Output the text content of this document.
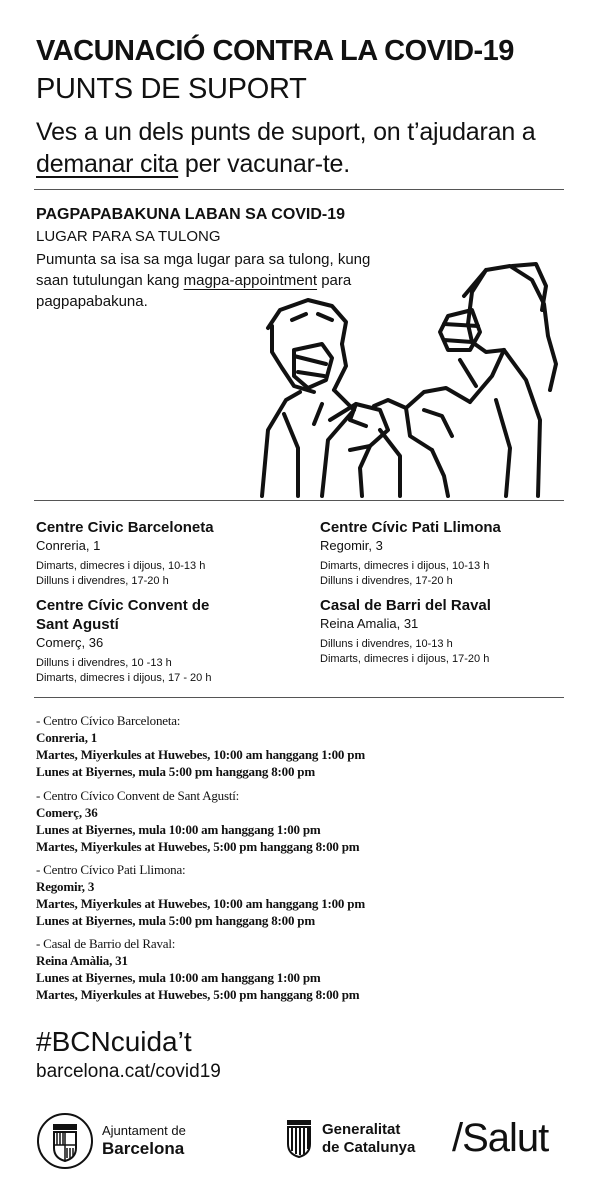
VACUNACIÓ CONTRA LA COVID-19
PUNTS DE SUPORT
Ves a un dels punts de suport, on t’ajudaran a demanar cita per vacunar-te.
PAGPAPABAKUNA LABAN SA COVID-19
LUGAR PARA SA TULONG
Pumunta sa isa sa mga lugar para sa tulong, kung saan tutulungan kang magpa-appointment para pagpapabakuna.
Centre Civic Barceloneta
Conreria, 1
Dimarts, dimecres i dijous, 10-13 h
Dilluns i divendres, 17-20 h
Centre Cívic Pati Llimona
Regomir, 3
Dimarts, dimecres i dijous, 10-13 h
Dilluns i divendres, 17-20 h
Centre Cívic Convent de Sant Agustí
Comerç, 36
Dilluns i divendres, 10 -13 h
Dimarts, dimecres i dijous, 17 - 20 h
Casal de Barri del Raval
Reina Amalia, 31
Dilluns i divendres, 10-13 h
Dimarts, dimecres i dijous, 17-20 h
- Centro Cívico Barceloneta:
Conreria, 1
Martes, Miyerkules at Huwebes, 10:00 am hanggang 1:00 pm
Lunes at Biyernes, mula 5:00 pm hanggang 8:00 pm
- Centro Cívico Convent de Sant Agustí:
Comerç, 36
Lunes at Biyernes, mula 10:00 am hanggang 1:00 pm
Martes, Miyerkules at Huwebes, 5:00 pm hanggang 8:00 pm
- Centro Cívico Pati Llimona:
Regomir, 3
Martes, Miyerkules at Huwebes, 10:00 am hanggang 1:00 pm
Lunes at Biyernes, mula 5:00 pm hanggang 8:00 pm
- Casal de Barrio del Raval:
Reina Amàlia, 31
Lunes at Biyernes, mula 10:00 am hanggang 1:00 pm
Martes, Miyerkules at Huwebes, 5:00 pm hanggang 8:00 pm
#BCNcuida’t
barcelona.cat/covid19
Ajuntament de
Barcelona
Generalitat
de Catalunya /Salut
